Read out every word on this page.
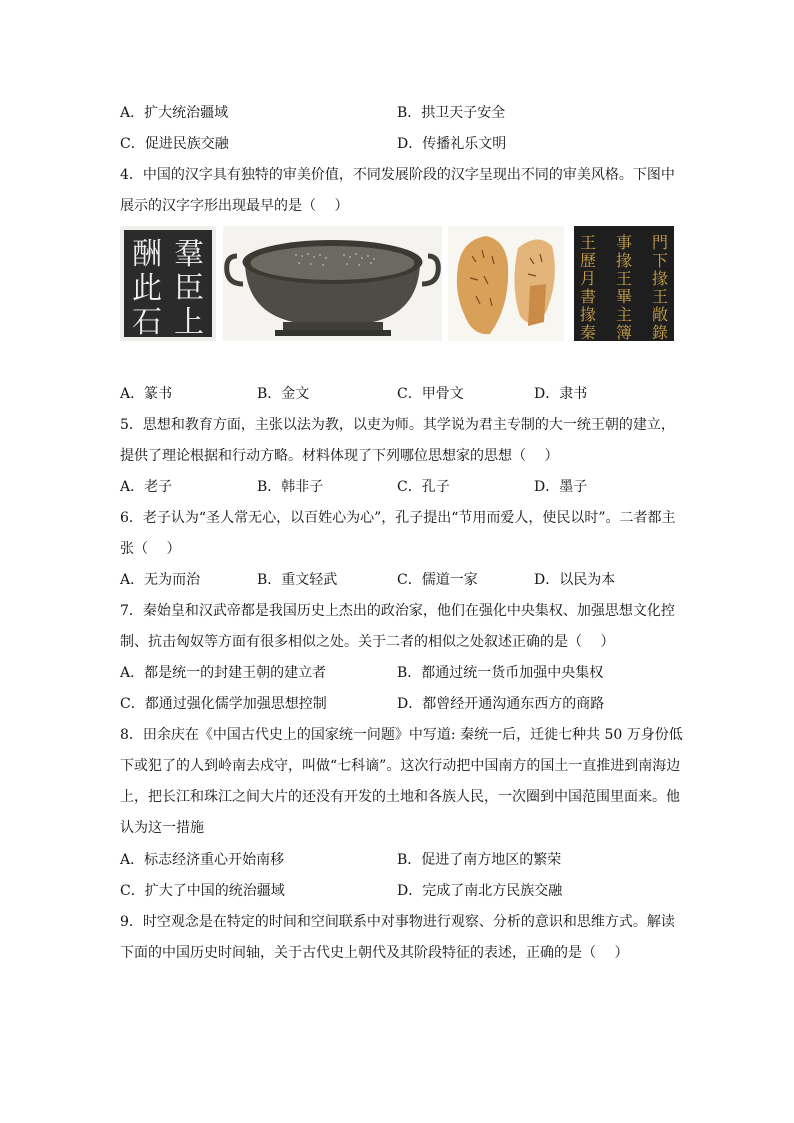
A．扩大统治疆域	B．拱卫天子安全
C．促进民族交融	D．传播礼乐文明
4．中国的汉字具有独特的审美价值，不同发展阶段的汉字呈现出不同的审美风格。下图中
展示的汉字字形出现最早的是（　 ）
羣
臣
上
酬
此
石
門
下
掾
王
敞
錄
事
掾
王
畢
主
簿
王
歷
月
書
掾
秦
A．篆书	B．金文	C．甲骨文	D．隶书
5．思想和教育方面，主张以法为教，以吏为师。其学说为君主专制的大一统王朝的建立，
提供了理论根据和行动方略。材料体现了下列哪位思想家的思想（　 ）
A．老子	B．韩非子	C．孔子	D．墨子
6．老子认为“圣人常无心，以百姓心为心”，孔子提出“节用而爱人，使民以时”。二者都主
张（　 ）
A．无为而治	B．重文轻武	C．儒道一家	D．以民为本
7．秦始皇和汉武帝都是我国历史上杰出的政治家，他们在强化中央集权、加强思想文化控
制、抗击匈奴等方面有很多相似之处。关于二者的相似之处叙述正确的是（　 ）
A．都是统一的封建王朝的建立者	B．都通过统一货币加强中央集权
C．都通过强化儒学加强思想控制	D．都曾经开通沟通东西方的商路
8．田余庆在《中国古代史上的国家统一问题》中写道: 秦统一后，迁徙七种共 50 万身份低
下或犯了的人到岭南去戍守，叫做“七科谪”。这次行动把中国南方的国土一直推进到南海边
上，把长江和珠江之间大片的还没有开发的土地和各族人民，一次圈到中国范围里面来。他
认为这一措施
A．标志经济重心开始南移	B．促进了南方地区的繁荣
C．扩大了中国的统治疆域	D．完成了南北方民族交融
9．时空观念是在特定的时间和空间联系中对事物进行观察、分析的意识和思维方式。解读
下面的中国历史时间轴，关于古代史上朝代及其阶段特征的表述，正确的是（　 ）
